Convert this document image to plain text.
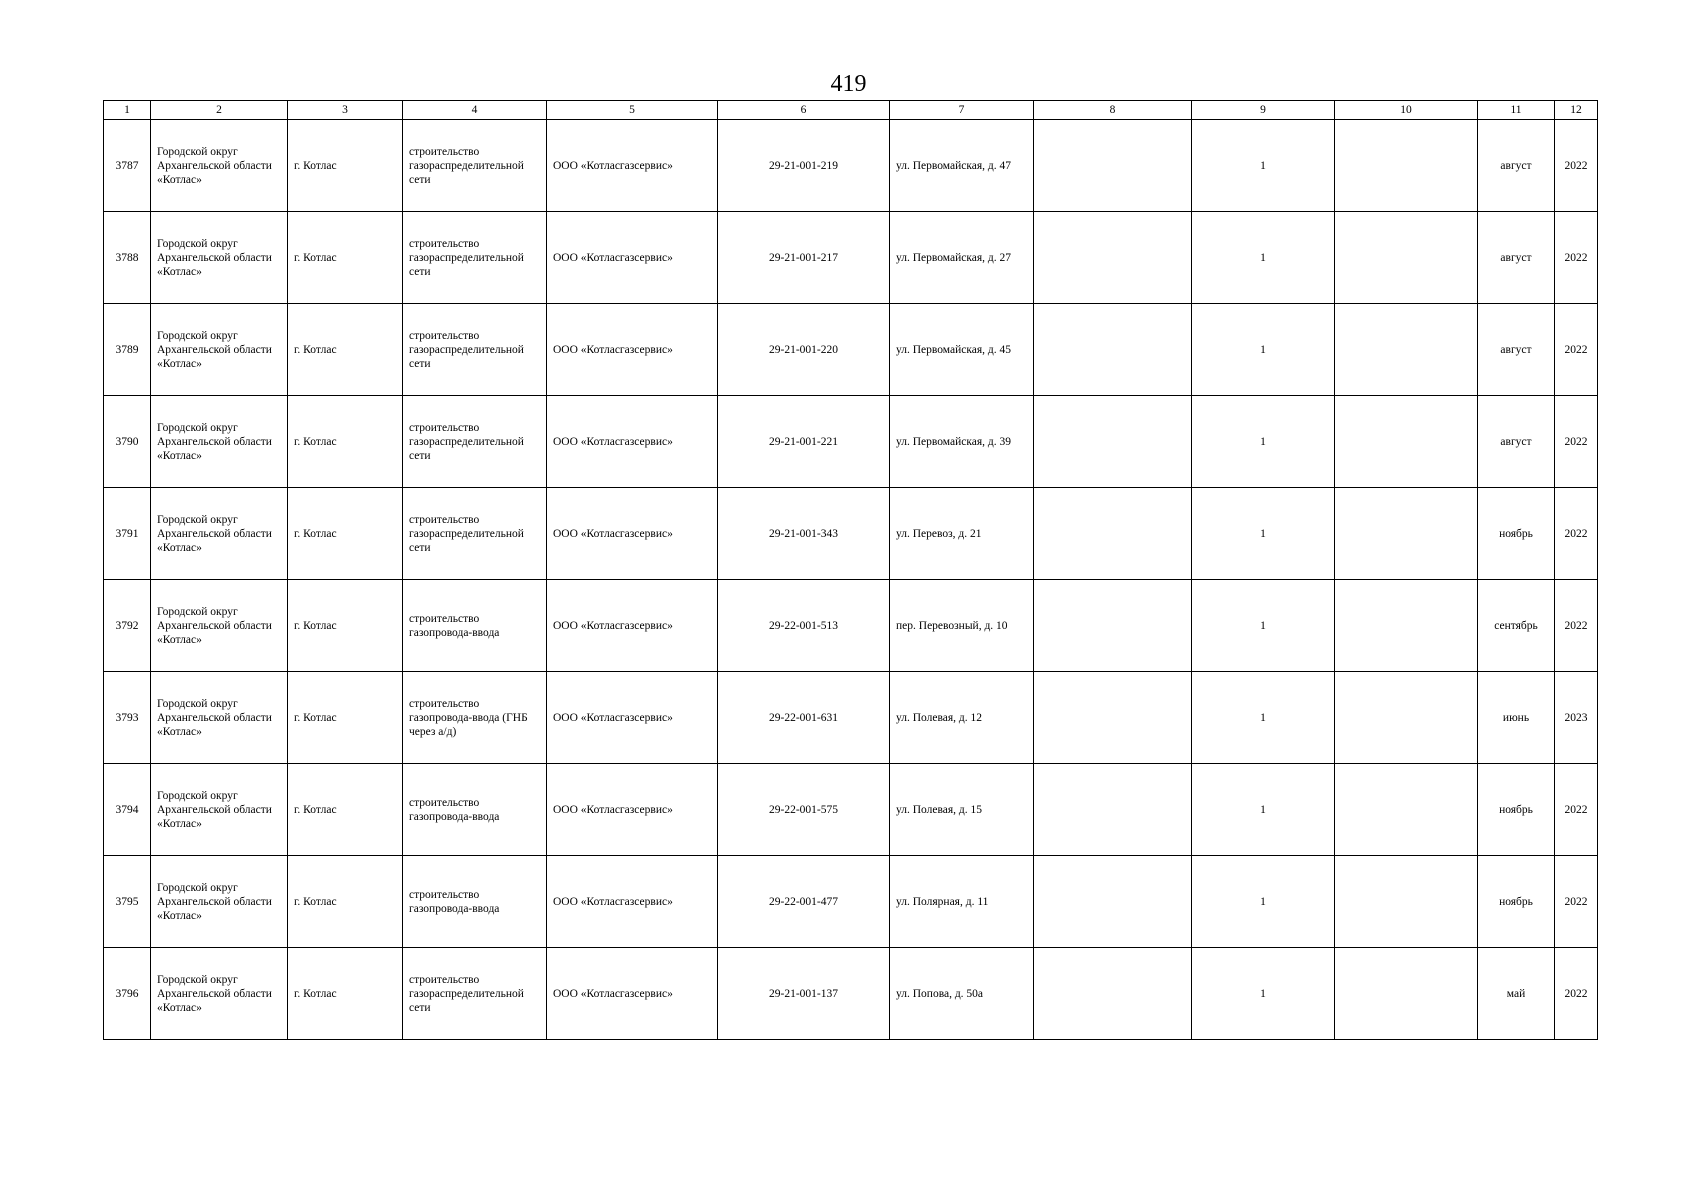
419
1	2	3	4	5	6	7	8	9	10	11	12
3787	Городской округ Архангельской области «Котлас»	г. Котлас	строительство газораспределительной сети	ООО «Котласгазсервис»	29-21-001-219	ул. Первомайская, д. 47		1		август	2022
3788	Городской округ Архангельской области «Котлас»	г. Котлас	строительство газораспределительной сети	ООО «Котласгазсервис»	29-21-001-217	ул. Первомайская, д. 27		1		август	2022
3789	Городской округ Архангельской области «Котлас»	г. Котлас	строительство газораспределительной сети	ООО «Котласгазсервис»	29-21-001-220	ул. Первомайская, д. 45		1		август	2022
3790	Городской округ Архангельской области «Котлас»	г. Котлас	строительство газораспределительной сети	ООО «Котласгазсервис»	29-21-001-221	ул. Первомайская, д. 39		1		август	2022
3791	Городской округ Архангельской области «Котлас»	г. Котлас	строительство газораспределительной сети	ООО «Котласгазсервис»	29-21-001-343	ул. Перевоз, д. 21		1		ноябрь	2022
3792	Городской округ Архангельской области «Котлас»	г. Котлас	строительство газопровода-ввода	ООО «Котласгазсервис»	29-22-001-513	пер. Перевозный, д. 10		1		сентябрь	2022
3793	Городской округ Архангельской области «Котлас»	г. Котлас	строительство газопровода-ввода (ГНБ через а/д)	ООО «Котласгазсервис»	29-22-001-631	ул. Полевая, д. 12		1		июнь	2023
3794	Городской округ Архангельской области «Котлас»	г. Котлас	строительство газопровода-ввода	ООО «Котласгазсервис»	29-22-001-575	ул. Полевая, д. 15		1		ноябрь	2022
3795	Городской округ Архангельской области «Котлас»	г. Котлас	строительство газопровода-ввода	ООО «Котласгазсервис»	29-22-001-477	ул. Полярная, д. 11		1		ноябрь	2022
3796	Городской округ Архангельской области «Котлас»	г. Котлас	строительство газораспределительной сети	ООО «Котласгазсервис»	29-21-001-137	ул. Попова, д. 50а		1		май	2022
